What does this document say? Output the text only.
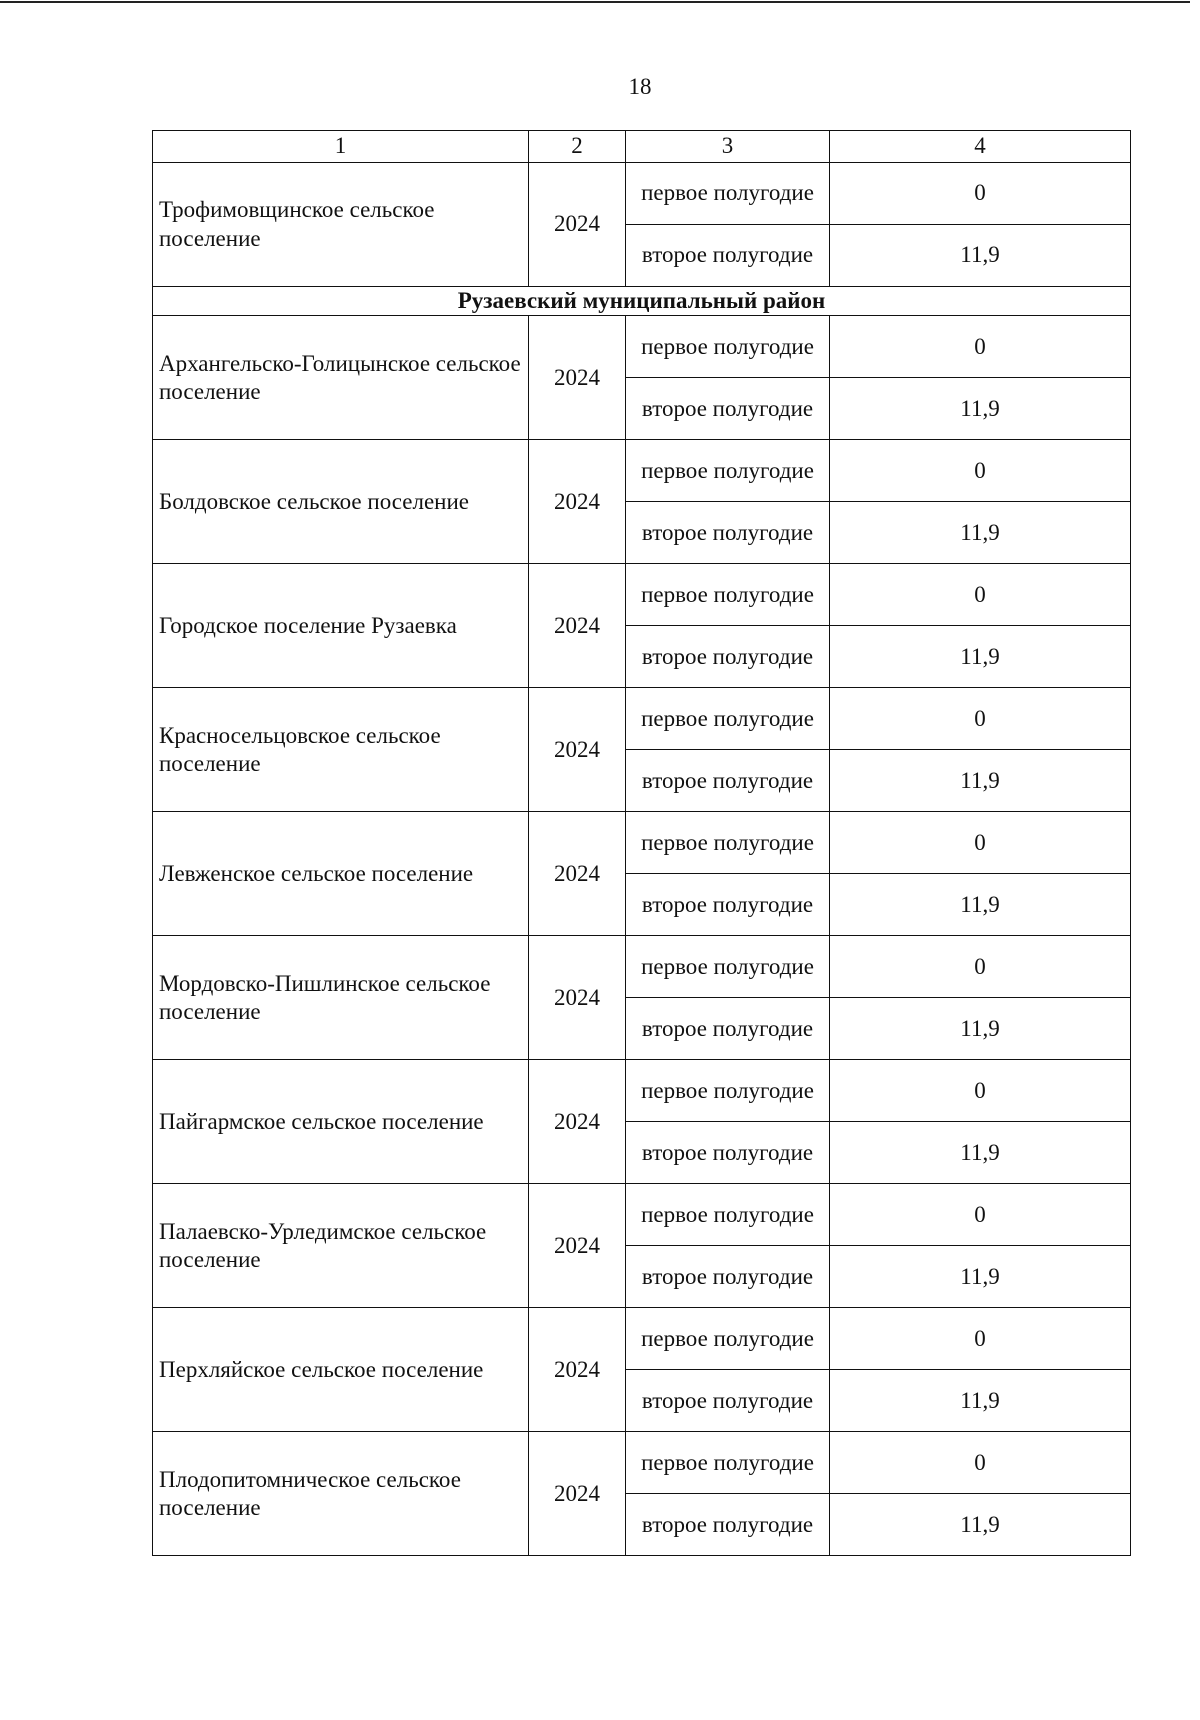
18
1	2	3	4
Трофимовщинское сельское поселение	2024	первое полугодие	0
		второе полугодие	11,9
Рузаевский муниципальный район			
Архангельско-Голицынское сельское поселение	2024	первое полугодие	0
		второе полугодие	11,9
Болдовское сельское поселение	2024	первое полугодие	0
		второе полугодие	11,9
Городское поселение Рузаевка	2024	первое полугодие	0
		второе полугодие	11,9
Красносельцовское сельское поселение	2024	первое полугодие	0
		второе полугодие	11,9
Левженское сельское поселение	2024	первое полугодие	0
		второе полугодие	11,9
Мордовско-Пишлинское сельское поселение	2024	первое полугодие	0
		второе полугодие	11,9
Пайгармское сельское поселение	2024	первое полугодие	0
		второе полугодие	11,9
Палаевско-Урледимское сельское поселение	2024	первое полугодие	0
		второе полугодие	11,9
Перхляйское сельское поселение	2024	первое полугодие	0
		второе полугодие	11,9
Плодопитомническое сельское поселение	2024	первое полугодие	0
		второе полугодие	11,9
